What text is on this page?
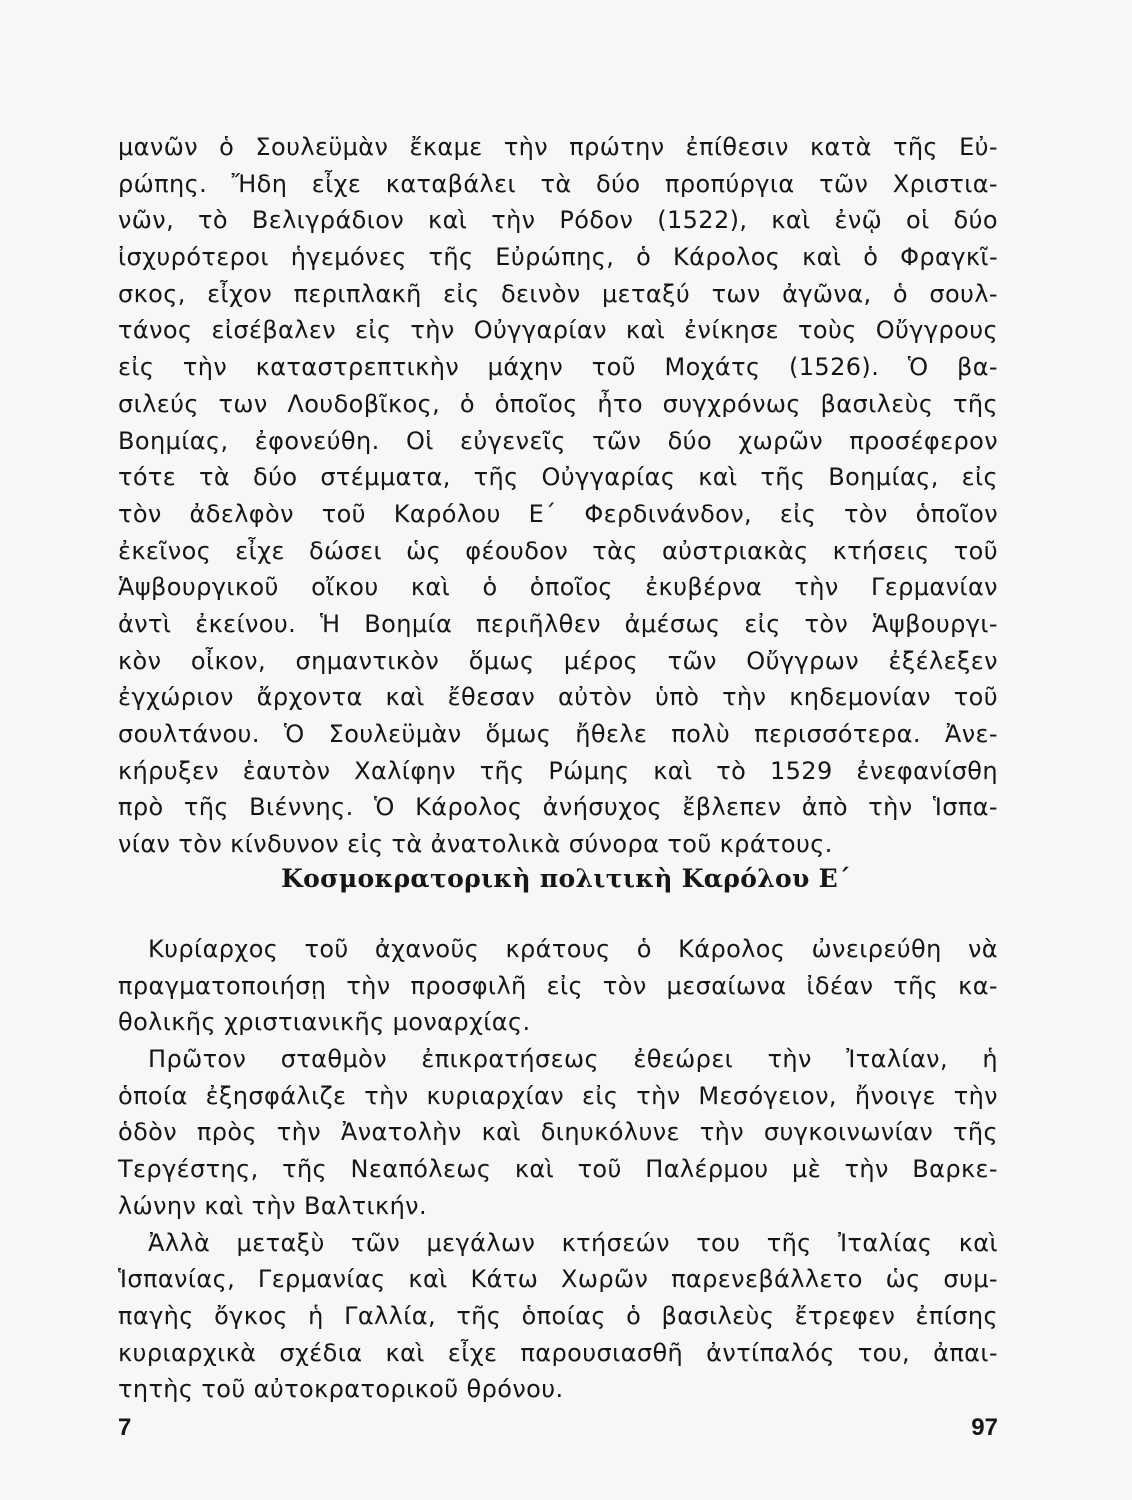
μανῶν ὁ Σουλεϋμὰν ἔκαμε τὴν πρώτην ἐπίθεσιν κατὰ τῆς Εὐ-
ρώπης. Ἤδη εἶχε καταβάλει τὰ δύο προπύργια τῶν Χριστια-
νῶν, τὸ Βελιγράδιον καὶ τὴν Ρόδον (1522), καὶ ἐνῷ οἱ δύο
ἰσχυρότεροι ἡγεμόνες τῆς Εὐρώπης, ὁ Κάρολος καὶ ὁ Φραγκῖ-
σκος, εἶχον περιπλακῆ εἰς δεινὸν μεταξύ των ἀγῶνα, ὁ σουλ-
τάνος εἰσέβαλεν εἰς τὴν Οὐγγαρίαν καὶ ἐνίκησε τοὺς Οὔγγρους
εἰς τὴν καταστρεπτικὴν μάχην τοῦ Μοχάτς (1526). Ὁ βα-
σιλεύς των Λουδοβῖκος, ὁ ὁποῖος ἦτο συγχρόνως βασιλεὺς τῆς
Βοημίας, ἐφονεύθη. Οἱ εὐγενεῖς τῶν δύο χωρῶν προσέφερον
τότε τὰ δύο στέμματα, τῆς Οὐγγαρίας καὶ τῆς Βοημίας, εἰς
τὸν ἀδελφὸν τοῦ Καρόλου Ε΄ Φερδινάνδον, εἰς τὸν ὁποῖον
ἐκεῖνος εἶχε δώσει ὡς φέουδον τὰς αὐστριακὰς κτήσεις τοῦ
Ἁψβουργικοῦ οἴκου καὶ ὁ ὁποῖος ἐκυβέρνα τὴν Γερμανίαν
ἀντὶ ἐκείνου. Ἡ Βοημία περιῆλθεν ἀμέσως εἰς τὸν Ἁψβουργι-
κὸν οἶκον, σημαντικὸν ὅμως μέρος τῶν Οὔγγρων ἐξέλεξεν
ἐγχώριον ἄρχοντα καὶ ἔθεσαν αὐτὸν ὑπὸ τὴν κηδεμονίαν τοῦ
σουλτάνου. Ὁ Σουλεϋμὰν ὅμως ἤθελε πολὺ περισσότερα. Ἀνε-
κήρυξεν ἑαυτὸν Χαλίφην τῆς Ρώμης καὶ τὸ 1529 ἐνεφανίσθη
πρὸ τῆς Βιέννης. Ὁ Κάρολος ἀνήσυχος ἔβλεπεν ἀπὸ τὴν Ἱσπα-
νίαν τὸν κίνδυνον εἰς τὰ ἀνατολικὰ σύνορα τοῦ κράτους.
Κοσμοκρατορικὴ πολιτικὴ Καρόλου Ε΄
Κυρίαρχος τοῦ ἀχανοῦς κράτους ὁ Κάρολος ὠνειρεύθη νὰ
πραγματοποιήσῃ τὴν προσφιλῆ εἰς τὸν μεσαίωνα ἰδέαν τῆς κα-
θολικῆς χριστιανικῆς μοναρχίας.
Πρῶτον σταθμὸν ἐπικρατήσεως ἐθεώρει τὴν Ἰταλίαν, ἡ
ὁποία ἐξησφάλιζε τὴν κυριαρχίαν εἰς τὴν Μεσόγειον, ἤνοιγε τὴν
ὁδὸν πρὸς τὴν Ἀνατολὴν καὶ διηυκόλυνε τὴν συγκοινωνίαν τῆς
Τεργέστης, τῆς Νεαπόλεως καὶ τοῦ Παλέρμου μὲ τὴν Βαρκε-
λώνην καὶ τὴν Βαλτικήν.
Ἀλλὰ μεταξὺ τῶν μεγάλων κτήσεών του τῆς Ἰταλίας καὶ
Ἱσπανίας, Γερμανίας καὶ Κάτω Χωρῶν παρενεβάλλετο ὡς συμ-
παγὴς ὄγκος ἡ Γαλλία, τῆς ὁποίας ὁ βασιλεὺς ἔτρεφεν ἐπίσης
κυριαρχικὰ σχέδια καὶ εἶχε παρουσιασθῆ ἀντίπαλός του, ἀπαι-
τητὴς τοῦ αὐτοκρατορικοῦ θρόνου.
7	97
